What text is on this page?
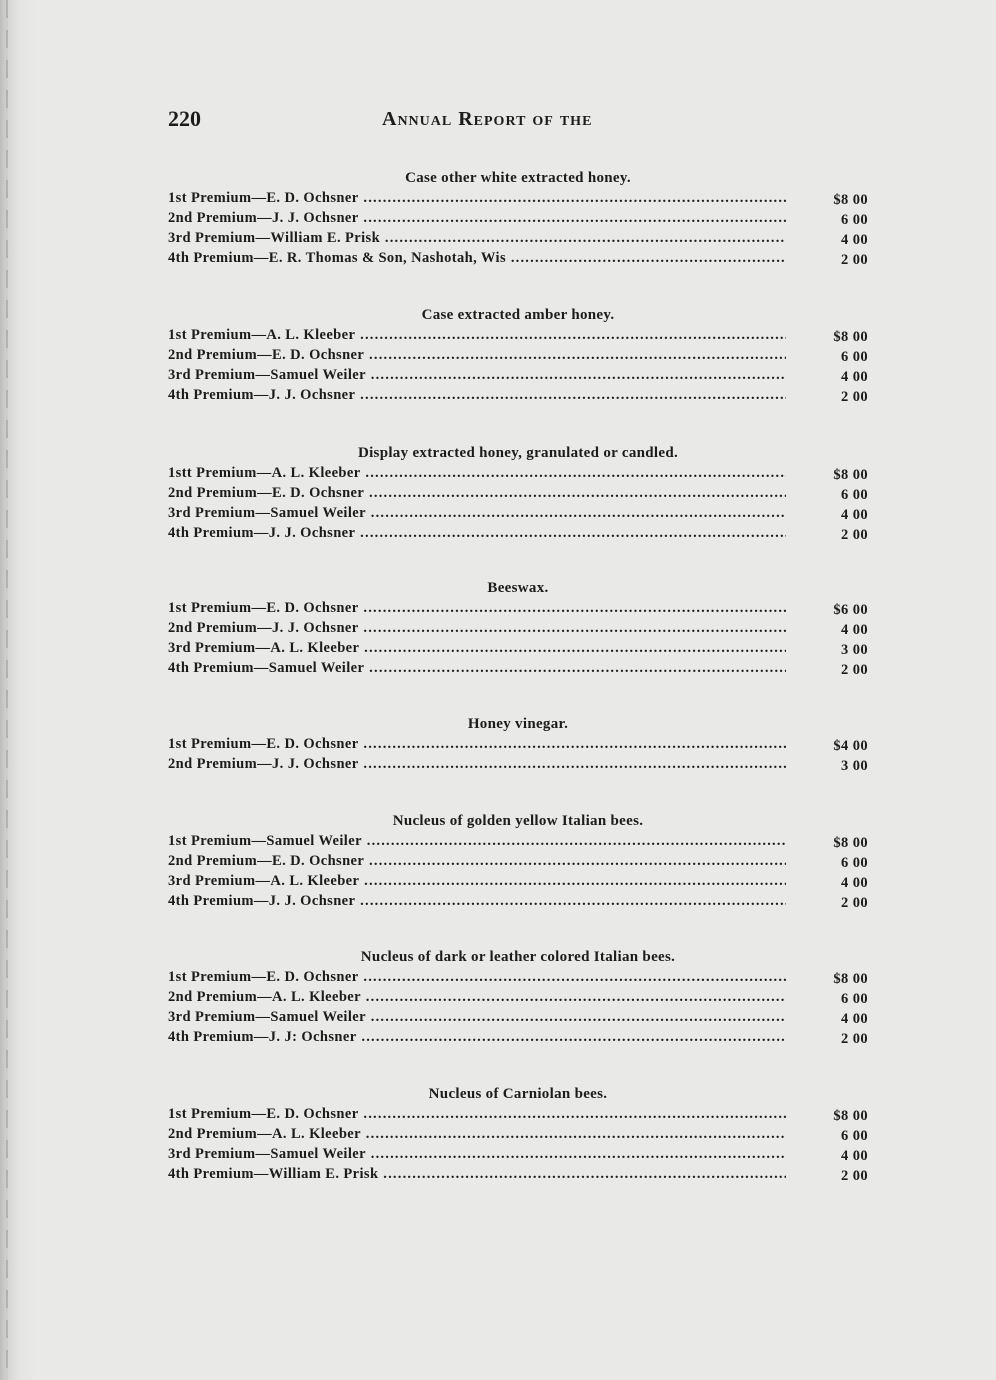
220	Annual Report of the
Case other white extracted honey.
1st Premium—E. D. Ochsner .....	$8 00
2nd Premium—J. J. Ochsner .....	6 00
3rd Premium—William E. Prisk .....	4 00
4th Premium—E. R. Thomas & Son, Nashotah, Wis .....	2 00
Case extracted amber honey.
1st Premium—A. L. Kleeber .....	$8 00
2nd Premium—E. D. Ochsner .....	6 00
3rd Premium—Samuel Weiler .....	4 00
4th Premium—J. J. Ochsner .....	2 00
Display extracted honey, granulated or candled.
1stt Premium—A. L. Kleeber .....	$8 00
2nd Premium—E. D. Ochsner .....	6 00
3rd Premium—Samuel Weiler .....	4 00
4th Premium—J. J. Ochsner .....	2 00
Beeswax.
1st Premium—E. D. Ochsner .....	$6 00
2nd Premium—J. J. Ochsner .....	4 00
3rd Premium—A. L. Kleeber .....	3 00
4th Premium—Samuel Weiler .....	2 00
Honey vinegar.
1st Premium—E. D. Ochsner .....	$4 00
2nd Premium—J. J. Ochsner .....	3 00
Nucleus of golden yellow Italian bees.
1st Premium—Samuel Weiler .....	$8 00
2nd Premium—E. D. Ochsner .....	6 00
3rd Premium—A. L. Kleeber .....	4 00
4th Premium—J. J. Ochsner .....	2 00
Nucleus of dark or leather colored Italian bees.
1st Premium—E. D. Ochsner .....	$8 00
2nd Premium—A. L. Kleeber .....	6 00
3rd Premium—Samuel Weiler .....	4 00
4th Premium—J. J: Ochsner .....	2 00
Nucleus of Carniolan bees.
1st Premium—E. D. Ochsner .....	$8 00
2nd Premium—A. L. Kleeber .....	6 00
3rd Premium—Samuel Weiler .....	4 00
4th Premium—William E. Prisk .....	2 00
